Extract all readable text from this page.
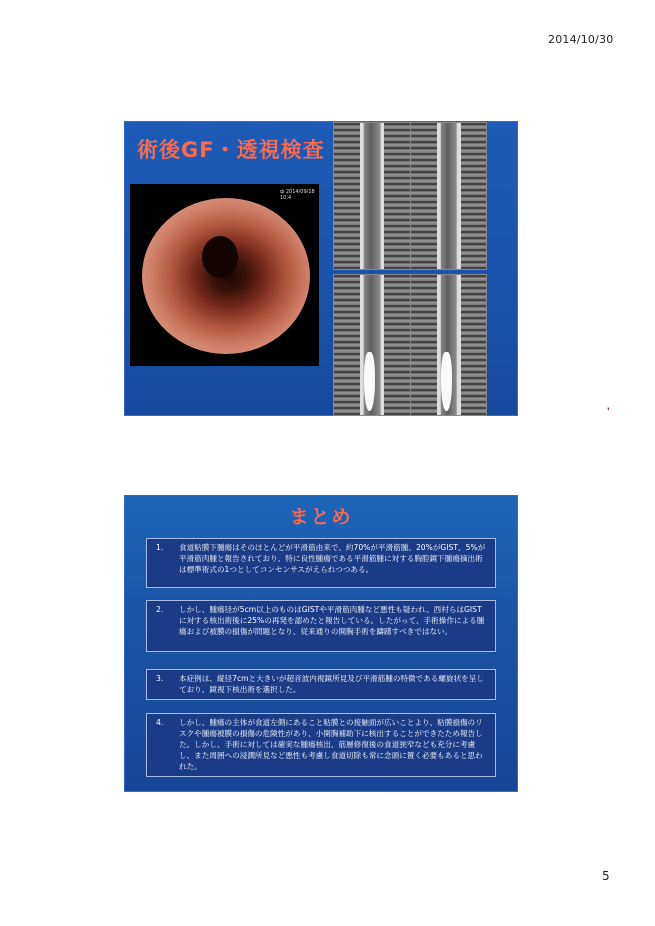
2014/10/30
❜
術後GF・透視検査
ф 2014/09/18 10:4
まとめ
1. 食道粘膜下腫瘍はそのほとんどが平滑筋由来で、約70%が平滑筋腫、20%がGIST、5%が平滑筋肉腫と報告されており、特に良性腫瘍である平滑筋腫に対する胸腔鏡下腫瘍摘出術は標準術式の1つとしてコンセンサスがえられつつある。
2. しかし、腫瘍径が5cm以上のものはGISTや平滑筋肉腫など悪性も疑われ、西村らはGISTに対する核出術後に25%の再発を認めたと報告している。したがって、手術操作による腫瘍および被膜の損傷が問題となり、従来通りの開胸手術を躊躇すべきではない。
3. 本症例は、縦径7cmと大きいが超音波内視鏡所見及び平滑筋腫の特徴である螺旋状を呈しており、鏡視下核出術を選択した。
4. しかし、腫瘍の主体が食道左側にあること粘膜との接触面が広いことより、粘膜損傷のリスクや腫瘍被膜の損傷の危険性があり、小開胸補助下に核出することができたため報告した。しかし、手術に対しては確実な腫瘍核出、筋層修復後の食道狭窄なども充分に考慮し、また周囲への浸潤所見など悪性も考慮し食道切除も常に念頭に置く必要もあると思われた。
5
